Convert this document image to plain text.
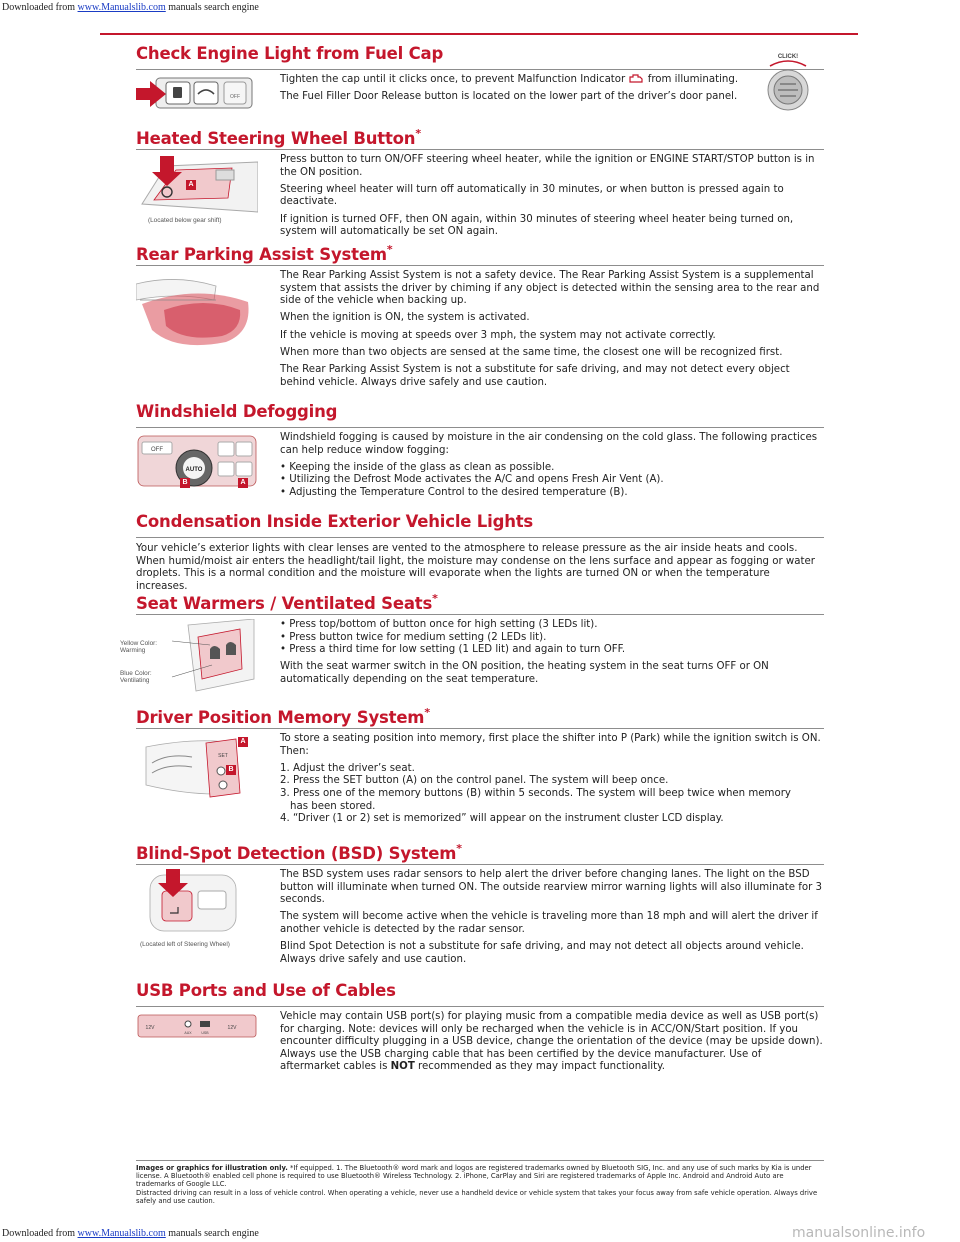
Downloaded from www.Manualslib.com manuals search engine
Check Engine Light from Fuel Cap
OFF

Tighten the cap until it clicks once, to prevent Malfunction Indicator from illuminating.

The Fuel Filler Door Release button is located on the lower part of the driver’s door panel.

CLICK!
Heated Steering Wheel Button*
A
(Located below gear shift)

Press button to turn ON/OFF steering wheel heater, while the ignition or ENGINE START/STOP button is in the ON position.

Steering wheel heater will turn off automatically in 30 minutes, or when button is pressed again to deactivate.

If ignition is turned OFF, then ON again, within 30 minutes of steering wheel heater being turned on, system will automatically be set ON again.

Rear Parking Assist System*

The Rear Parking Assist System is not a safety device. The Rear Parking Assist System is a supplemental system that assists the driver by chiming if any object is detected within the sensing area to the rear and side of the vehicle when backing up.

When the ignition is ON, the system is activated.

If the vehicle is moving at speeds over 3 mph, the system may not activate correctly.

When more than two objects are sensed at the same time, the closest one will be recognized first.

The Rear Parking Assist System is not a substitute for safe driving, and may not detect every object behind vehicle. Always drive safely and use caution.

Windshield Defogging
OFF
AUTO
B	A

Windshield fogging is caused by moisture in the air condensing on the cold glass. The following practices can help reduce window fogging:

• Keeping the inside of the glass as clean as possible.

• Utilizing the Defrost Mode activates the A/C and opens Fresh Air Vent (A).

• Adjusting the Temperature Control to the desired temperature (B).

Condensation Inside Exterior Vehicle Lights
Your vehicle’s exterior lights with clear lenses are vented to the atmosphere to release pressure as the air inside heats and cools. When humid/moist air enters the headlight/tail light, the moisture may condense on the lens surface and appear as fogging or water droplets. This is a normal condition and the moisture will evaporate when the lights are turned ON or when the temperature increases.
Seat Warmers / Ventilated Seats*
Yellow Color:
Warming
Blue Color:
Ventilating

• Press top/bottom of button once for high setting (3 LEDs lit).

• Press button twice for medium setting (2 LEDs lit).

• Press a third time for low setting (1 LED lit) and again to turn OFF.

With the seat warmer switch in the ON position, the heating system in the seat turns OFF or ON automatically depending on the seat temperature.

Driver Position Memory System*
SET
A
B

To store a seating position into memory, first place the shifter into P (Park) while the ignition switch is ON. Then:

1. Adjust the driver’s seat.

2. Press the SET button (A) on the control panel. The system will beep once.

3. Press one of the memory buttons (B) within 5 seconds. The system will beep twice when memory

has been stored.

4. “Driver (1 or 2) set is memorized” will appear on the instrument cluster LCD display.

Blind-Spot Detection (BSD) System*
(Located left of Steering Wheel)

The BSD system uses radar sensors to help alert the driver before changing lanes. The light on the BSD button will illuminate when turned ON. The outside rearview mirror warning lights will also illuminate for 3 seconds.

The system will become active when the vehicle is traveling more than 18 mph and will alert the driver if another vehicle is detected by the radar sensor.

Blind Spot Detection is not a substitute for safe driving, and may not detect all objects around vehicle. Always drive safely and use caution.

USB Ports and Use of Cables
12V	12V
AUX	USB

Vehicle may contain USB port(s) for playing music from a compatible media device as well as USB port(s) for charging. Note: devices will only be recharged when the vehicle is in ACC/ON/Start position. If you encounter difficulty plugging in a USB device, change the orientation of the device (may be upside down). Always use the USB charging cable that has been certified by the device manufacturer. Use of aftermarket cables is NOT recommended as they may impact functionality.

Images or graphics for illustration only. *If equipped. 1. The Bluetooth® word mark and logos are registered trademarks owned by Bluetooth SIG, Inc. and any use of such marks by Kia is under license. A Bluetooth® enabled cell phone is required to use Bluetooth® Wireless Technology. 2. iPhone, CarPlay and Siri are registered trademarks of Apple Inc. Android and Android Auto are trademarks of Google LLC.
Distracted driving can result in a loss of vehicle control. When operating a vehicle, never use a handheld device or vehicle system that takes your focus away from safe vehicle operation. Always drive safely and use caution.
Downloaded from www.Manualslib.com manuals search engine	manualsonline.info
